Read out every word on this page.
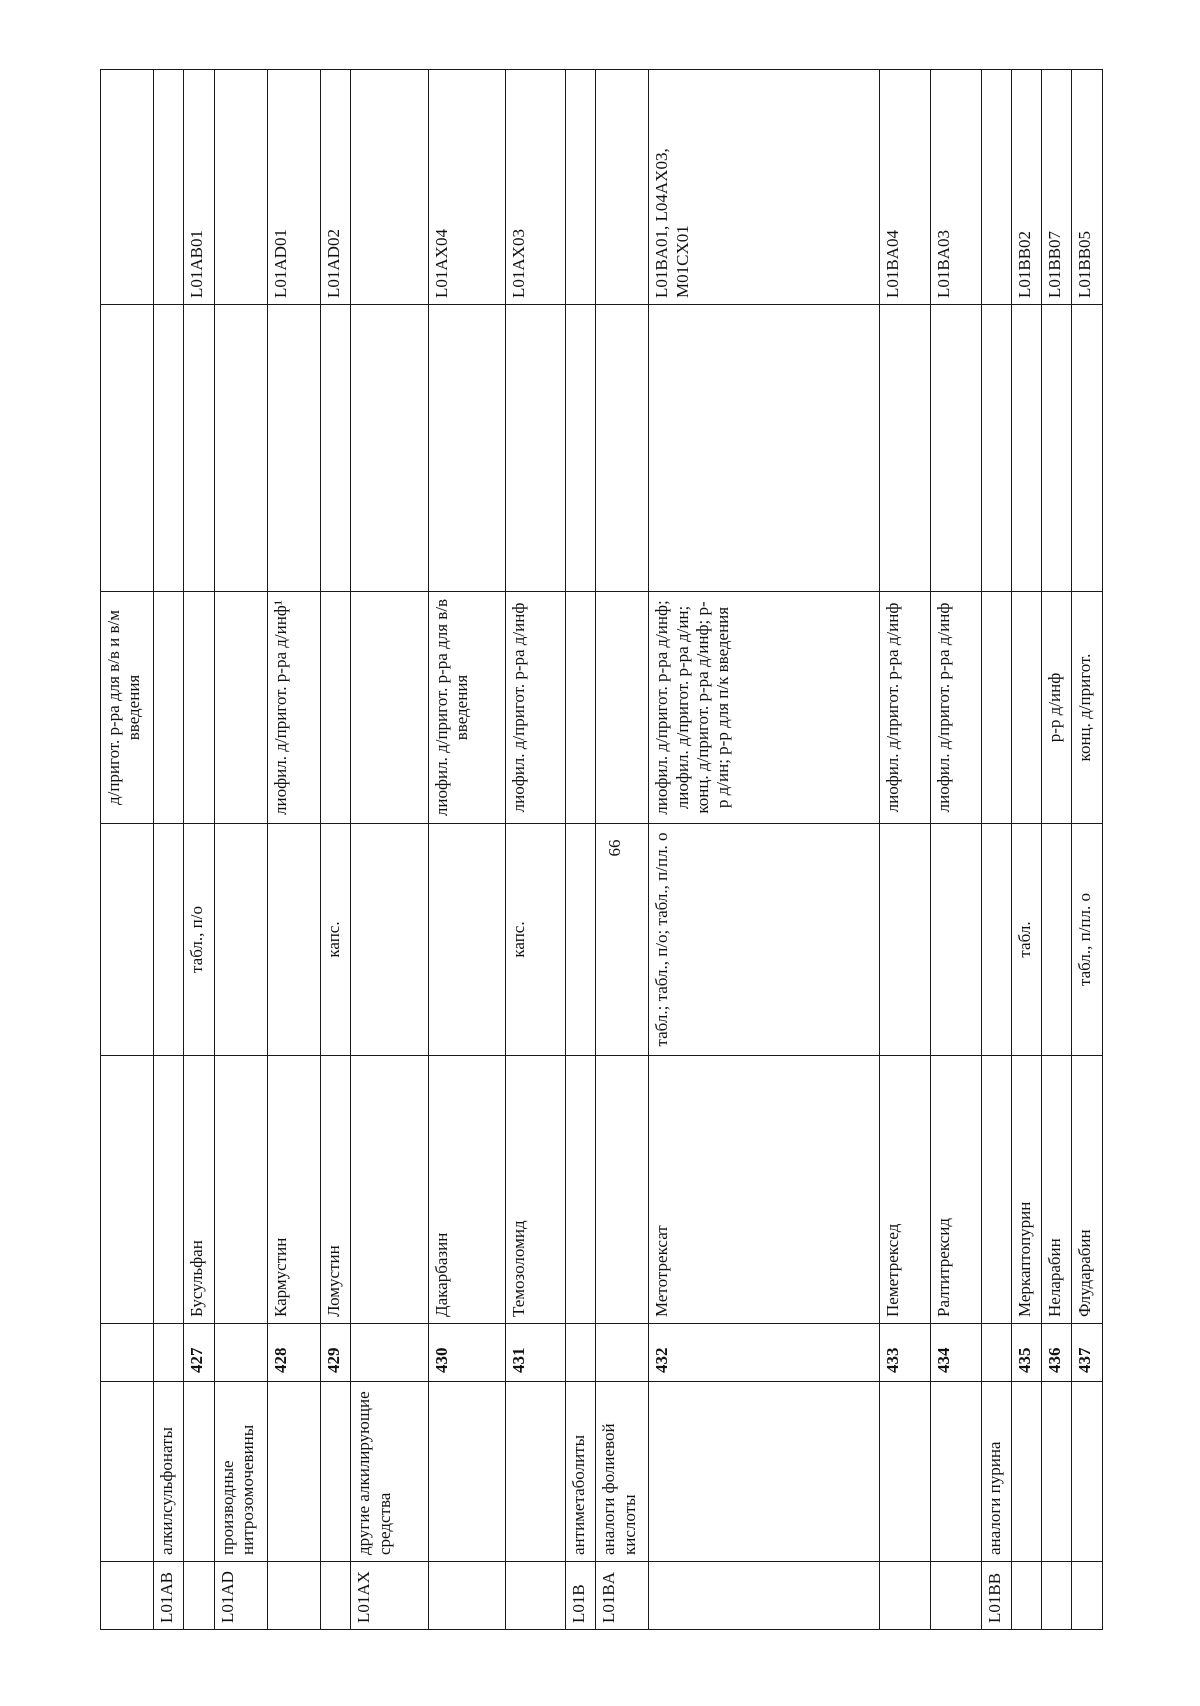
66
					д/пригот. р-ра для в/в и в/м введения		
L01AB	алкилсульфонаты						
		427	Бусульфан	табл., п/о			L01AB01
L01AD	производные нитрозомочевины						
		428	Кармустин		лиофил. д/пригот. р-ра д/инф¹		L01AD01
		429	Ломустин	капс.			L01AD02
L01AX	другие алкилирующие средства						
		430	Дакарбазин		лиофил. д/пригот. р-ра для в/в введения		L01AX04
		431	Темозоломид	капс.	лиофил. д/пригот. р-ра д/инф		L01AX03
L01B	антиметаболиты						
L01BA	аналоги фолиевой кислоты						
		432	Метотрексат	табл.; табл., п/о; табл., п/пл. о	лиофил. д/пригот. р-ра д/инф; лиофил. д/пригот. р-ра д/ин; конц. д/пригот. р-ра д/инф; р-р д/ин; р-р для п/к введения		L01BA01, L04AX03, M01CX01
		433	Пеметрексед		лиофил. д/пригот. р-ра д/инф		L01BA04
		434	Ралтитрексид		лиофил. д/пригот. р-ра д/инф		L01BA03
L01BB	аналоги пурина						
		435	Меркаптопурин	табл.			L01BB02
		436	Неларабин		р-р д/инф		L01BB07
		437	Флударабин	табл., п/пл. о	конц. д/пригот.		L01BB05
